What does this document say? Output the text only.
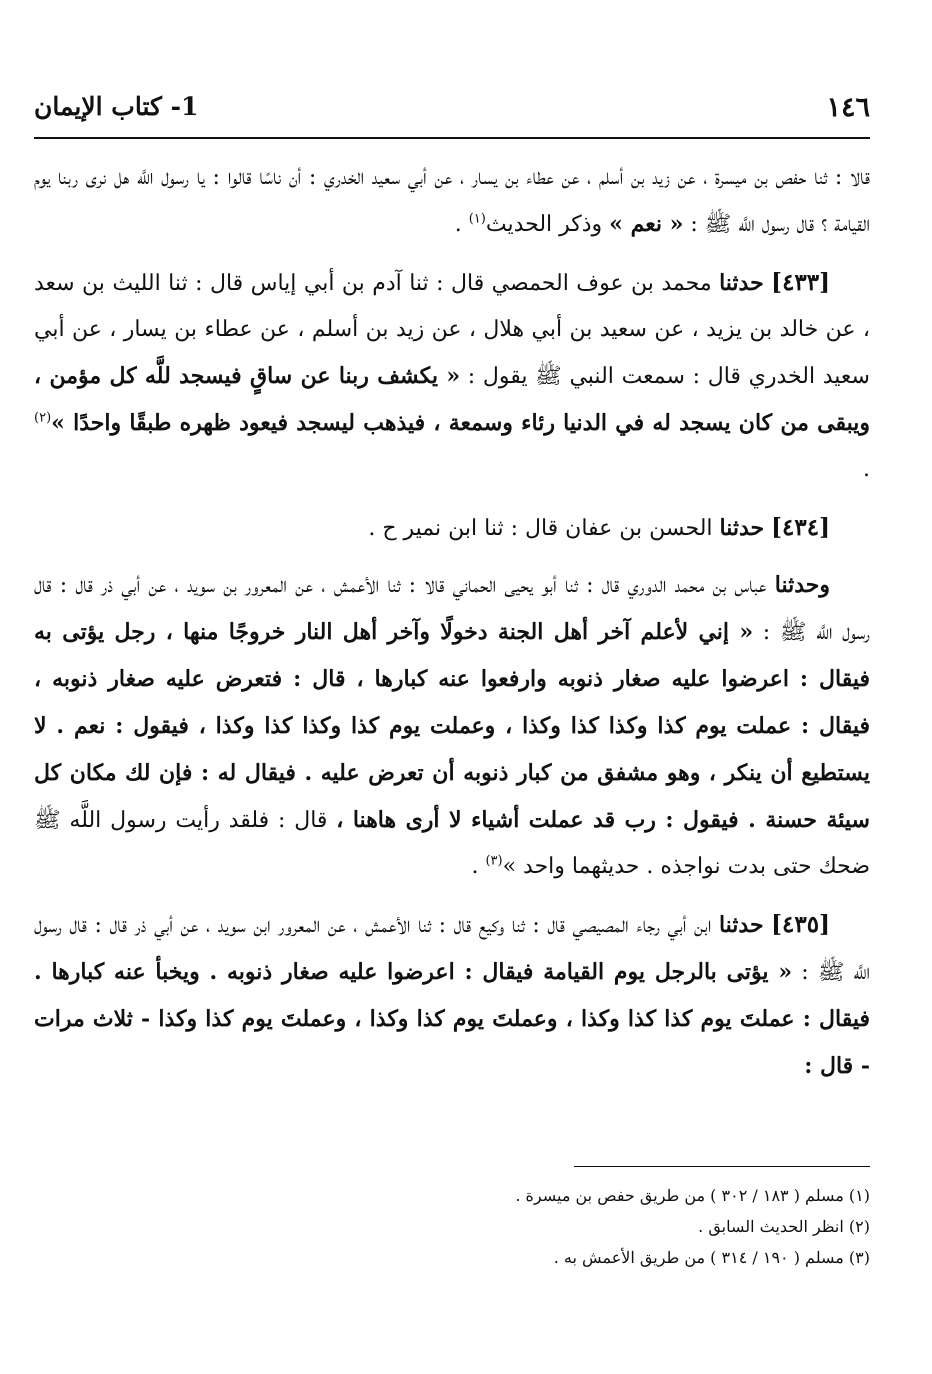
١٤٦
1- كتاب الإيمان

قالا : ثنا حفص بن ميسرة ، عن زيد بن أسلم ، عن عطاء بن يسار ، عن أبي سعيد الخدري : أن ناسًا قالوا : يا رسول اللَّه هل نرى ربنا يوم القيامة ؟ قال رسول اللَّه ﷺ : « نعم » وذكر الحديث$^{(١)}$ .

[٤٣٣] حدثنا محمد بن عوف الحمصي قال : ثنا آدم بن أبي إياس قال : ثنا الليث بن سعد ، عن خالد بن يزيد ، عن سعيد بن أبي هلال ، عن زيد بن أسلم ، عن عطاء بن يسار ، عن أبي سعيد الخدري قال : سمعت النبي ﷺ يقول : « يكشف ربنا عن ساقٍ فيسجد للَّه كل مؤمن ، ويبقى من كان يسجد له في الدنيا رئاء وسمعة ، فيذهب ليسجد فيعود ظهره طبقًا واحدًا »$^{(٢)}$ .

[٤٣٤] حدثنا الحسن بن عفان قال : ثنا ابن نمير ح .

وحدثنا عباس بن محمد الدوري قال : ثنا أبو يحيى الحماني قالا : ثنا الأعمش ، عن المعرور بن سويد ، عن أبي ذر قال : قال رسول اللَّه ﷺ : « إني لأعلم آخر أهل الجنة دخولًا وآخر أهل النار خروجًا منها ، رجل يؤتى به فيقال : اعرضوا عليه صغار ذنوبه وارفعوا عنه كبارها ، قال : فتعرض عليه صغار ذنوبه ، فيقال : عملت يوم كذا وكذا كذا وكذا ، وعملت يوم كذا وكذا كذا وكذا ، فيقول : نعم . لا يستطيع أن ينكر ، وهو مشفق من كبار ذنوبه أن تعرض عليه . فيقال له : فإن لك مكان كل سيئة حسنة . فيقول : رب قد عملت أشياء لا أرى هاهنا ، قال : فلقد رأيت رسول اللَّه ﷺ ضحك حتى بدت نواجذه . حديثهما واحد »$^{(٣)}$ .

[٤٣٥] حدثنا ابن أبي رجاء المصيصي قال : ثنا وكيع قال : ثنا الأعمش ، عن المعرور ابن سويد ، عن أبي ذر قال : قال رسول اللَّه ﷺ : « يؤتى بالرجل يوم القيامة فيقال : اعرضوا عليه صغار ذنوبه . ويخبأ عنه كبارها . فيقال : عملتَ يوم كذا كذا وكذا ، وعملتَ يوم كذا وكذا ، وعملتَ يوم كذا وكذا - ثلاث مرات - قال :

(١) مسلم ( ١٨٣ / ٣٠٢ ) من طريق حفص بن ميسرة .
(٢) انظر الحديث السابق .
(٣) مسلم ( ١٩٠ / ٣١٤ ) من طريق الأعمش به .
